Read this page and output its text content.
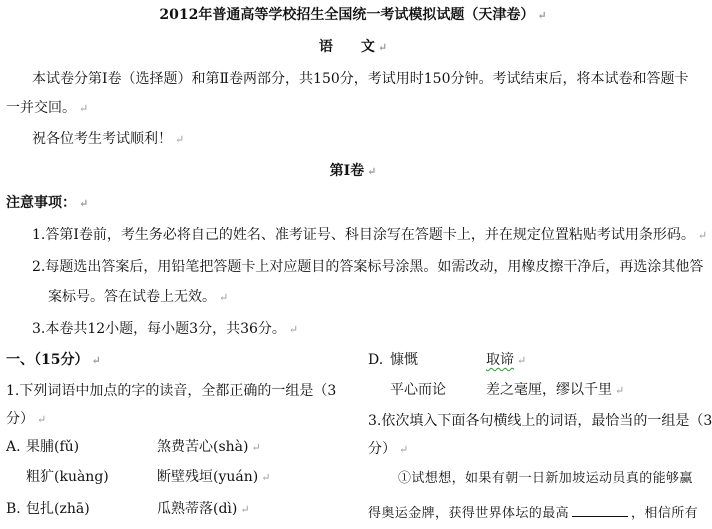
2012年普通高等学校招生全国统一考试模拟试题（天津卷） ↵
语　　文 ↵
本试卷分第Ⅰ卷（选择题）和第Ⅱ卷两部分，共150分，考试用时150分钟。考试结束后，将本试卷和答题卡
一并交回。 ↵
祝各位考生考试顺利！ ↵
第Ⅰ卷 ↵
注意事项： ↵
1.答第Ⅰ卷前，考生务必将自己的姓名、准考证号、科目涂写在答题卡上，并在规定位置粘贴考试用条形码。 ↵
2.每题选出答案后，用铅笔把答题卡上对应题目的答案标号涂黑。如需改动，用橡皮擦干净后，再选涂其他答
案标号。答在试卷上无效。 ↵
3.本卷共12小题，每小题3分，共36分。 ↵
一、（15分） ↵
1.下列词语中加点的字的读音，全都正确的一组是（3
分） ↵
A. 果脯(fǔ)	煞费苦心(shà) ↵
粗犷(kuàng)	断壁残垣(yuán) ↵
B. 包扎(zhā)	瓜熟蒂落(dì) ↵
D. 慷慨	取谛 ↵
平心而论	差之毫厘，缪以千里 ↵
3.依次填入下面各句横线上的词语，最恰当的一组是（3
分） ↵
①试想想，如果有朝一日新加坡运动员真的能够赢
得奥运金牌，获得世界体坛的最高	，相信所有
